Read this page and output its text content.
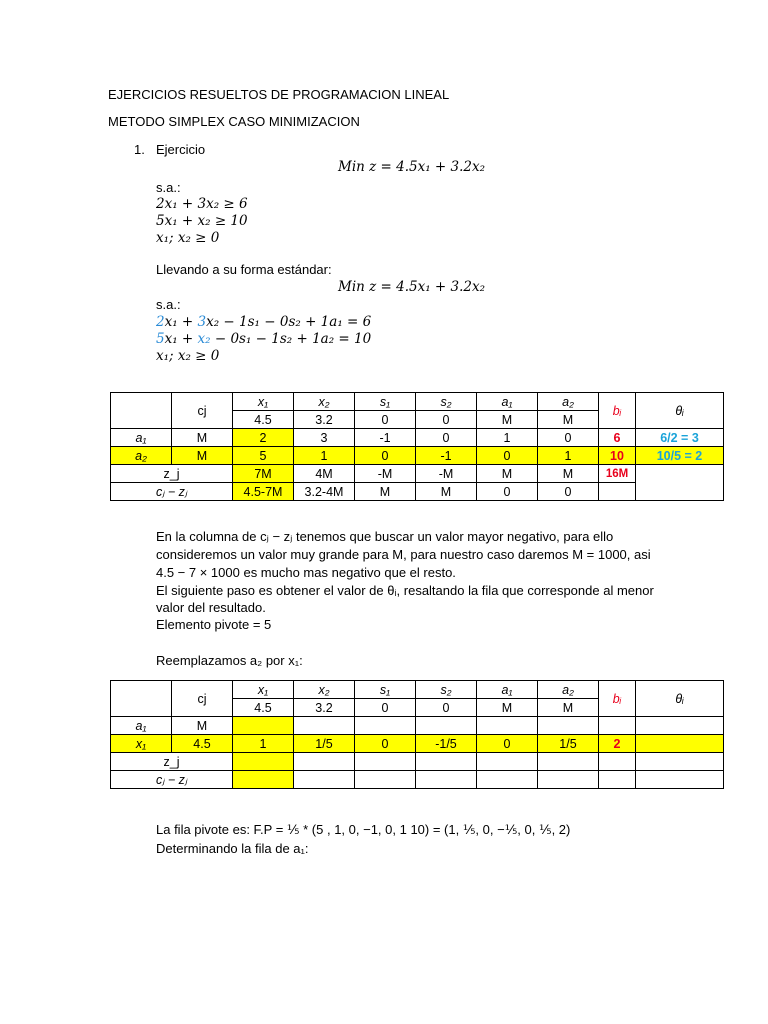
EJERCICIOS RESUELTOS DE PROGRAMACION LINEAL
METODO SIMPLEX CASO MINIMIZACION
1. Ejercicio
Min z = 4.5x₁ + 3.2x₂
s.a.:
2x₁ + 3x₂ ≥ 6
5x₁ + x₂ ≥ 10
x₁; x₂ ≥ 0
Llevando a su forma estándar:
Min z = 4.5x₁ + 3.2x₂
s.a.:
2x₁ + 3x₂ − 1s₁ − 0s₂ + 1a₁ = 6
5x₁ + x₂ − 0s₁ − 1s₂ + 1a₂ = 10
x₁; x₂ ≥ 0
	cj	x₁	x₂	s₁	s₂	a₁	a₂	bᵢ	θᵢ
		4.5	3.2	0	0	M	M		
a₁	M	2	3	-1	0	1	0	6	6/2 = 3
a₂	M	5	1	0	-1	0	1	10	10/5 = 2
z_j		7M	4M	-M	-M	M	M	16M	
cⱼ − zⱼ		4.5-7M	3.2-4M	M	M	0	0		
En la columna de cⱼ − zⱼ tenemos que buscar un valor mayor negativo, para ello
consideremos un valor muy grande para M, para nuestro caso daremos M = 1000, asi
4.5 − 7 × 1000 es mucho mas negativo que el resto.
El siguiente paso es obtener el valor de θᵢ, resaltando la fila que corresponde al menor
valor del resultado.
Elemento pivote = 5
Reemplazamos a₂ por x₁:
	cj	x₁	x₂	s₁	s₂	a₁	a₂	bᵢ	θᵢ
		4.5	3.2	0	0	M	M		
a₁	M								
x₁	4.5	1	1/5	0	-1/5	0	1/5	2	
z_j									
cⱼ − zⱼ									
La fila pivote es: F.P = ⅕ * (5 , 1, 0, −1, 0, 1 10) = (1, ⅕, 0, −⅕, 0, ⅕, 2)
Determinando la fila de a₁:
